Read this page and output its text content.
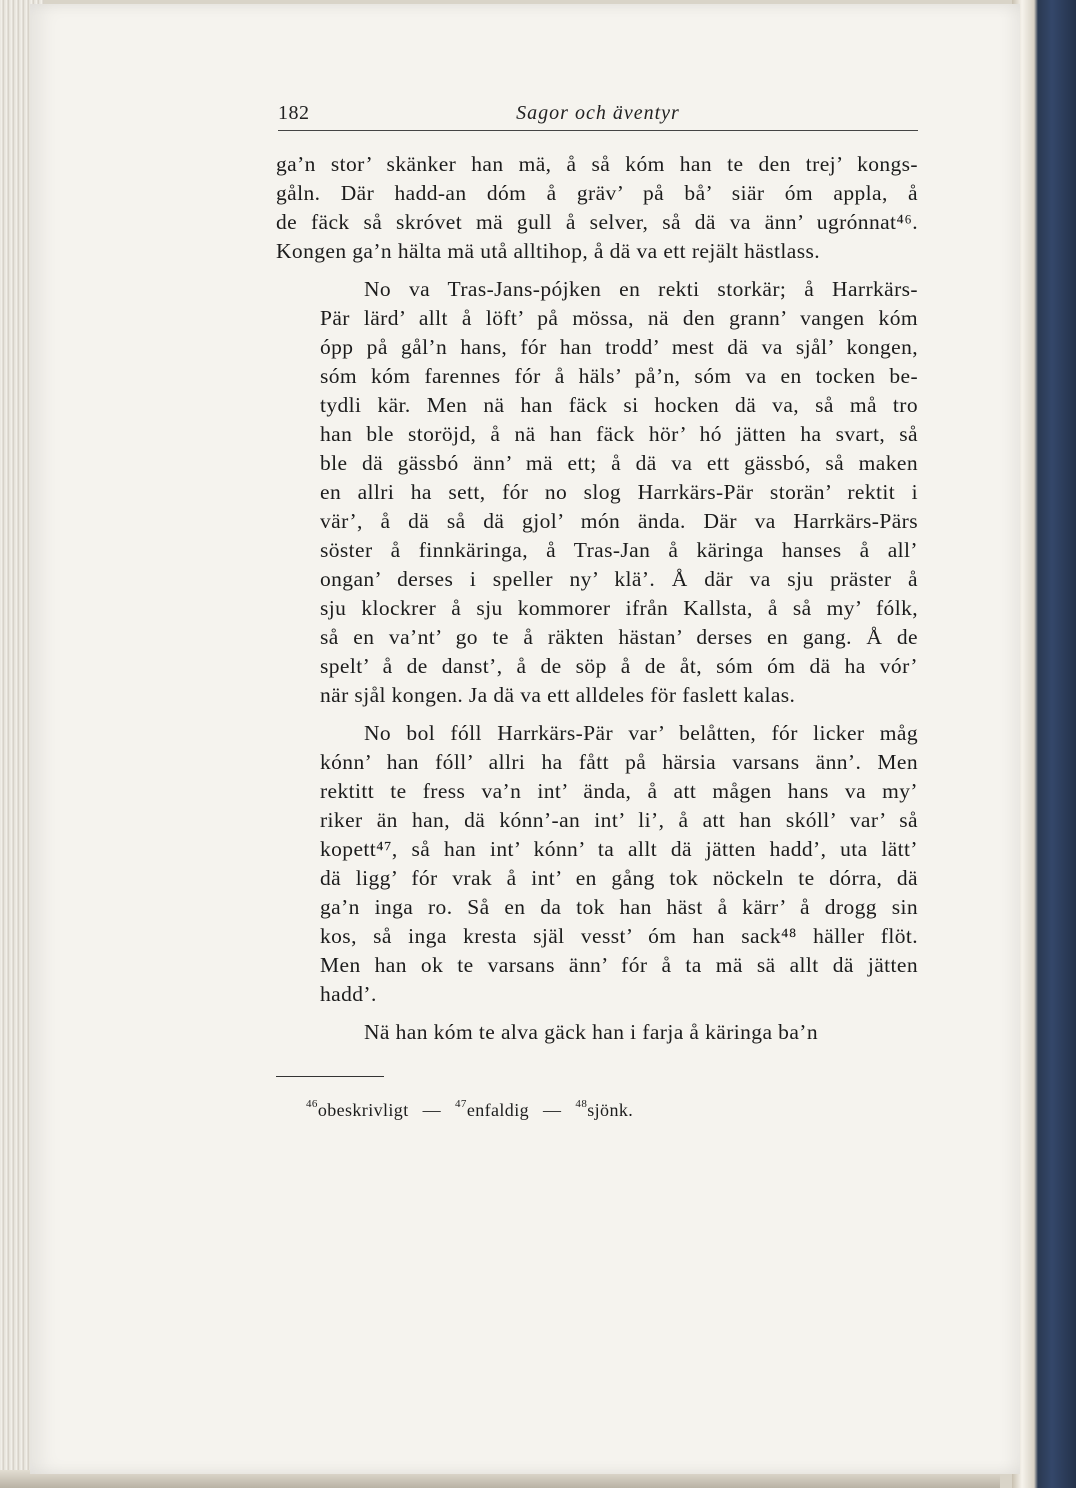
182	Sagor och äventyr
ga’n stor’ skänker han mä, å så kóm han te den trej’ kongs-
gåln. Där hadd-an dóm å gräv’ på bå’ siär óm appla, å
de fäck så skróvet mä gull å selver, så dä va änn’ ugrónnat⁴⁶.
Kongen ga’n hälta mä utå alltihop, å dä va ett rejält hästlass.
No va Tras-Jans-pójken en rekti storkär; å Harrkärs-
Pär lärd’ allt å löft’ på mössa, nä den grann’ vangen kóm
ópp på gål’n hans, fór han trodd’ mest dä va sjål’ kongen,
sóm kóm farennes fór å häls’ på’n, sóm va en tocken be-
tydli kär. Men nä han fäck si hocken dä va, så må tro
han ble storöjd, å nä han fäck hör’ hó jätten ha svart, så
ble dä gässbó änn’ mä ett; å dä va ett gässbó, så maken
en allri ha sett, fór no slog Harrkärs-Pär storän’ rektit i
vär’, å dä så dä gjol’ món ända. Där va Harrkärs-Pärs
söster å finnkäringa, å Tras-Jan å käringa hanses å all’
ongan’ derses i speller ny’ klä’. Å där va sju präster å
sju klockrer å sju kommorer ifrån Kallsta, å så my’ fólk,
så en va’nt’ go te å räkten hästan’ derses en gang. Å de
spelt’ å de danst’, å de söp å de åt, sóm óm dä ha vór’
när sjål kongen. Ja dä va ett alldeles för faslett kalas.
No bol fóll Harrkärs-Pär var’ belåtten, fór licker måg
kónn’ han fóll’ allri ha fått på härsia varsans änn’. Men
rektitt te fress va’n int’ ända, å att mågen hans va my’
riker än han, dä kónn’-an int’ li’, å att han skóll’ var’ så
kopett⁴⁷, så han int’ kónn’ ta allt dä jätten hadd’, uta lätt’
dä ligg’ fór vrak å int’ en gång tok nöckeln te dórra, dä
ga’n inga ro. Så en da tok han häst å kärr’ å drogg sin
kos, så inga kresta själ vesst’ óm han sack⁴⁸ häller flöt.
Men han ok te varsans änn’ fór å ta mä sä allt dä jätten
hadd’.
Nä han kóm te alva gäck han i farja å käringa ba’n
$^{46}$obeskrivligt — $^{47}$enfaldig — $^{48}$sjönk.
